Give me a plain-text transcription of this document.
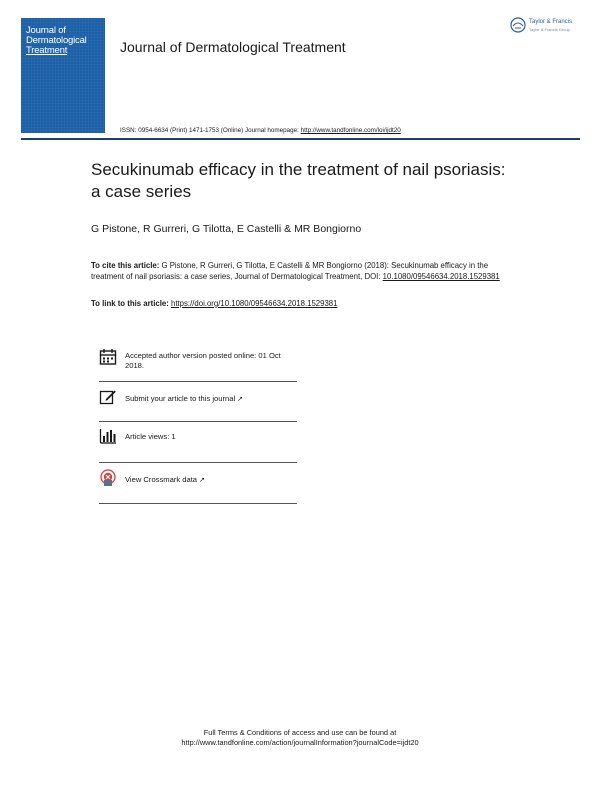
Journal of
Dermatological
Treatment	Journal of Dermatological Treatment
Taylor & Francis
Taylor & Francis Group
ISSN: 0954-6634 (Print) 1471-1753 (Online) Journal homepage: http://www.tandfonline.com/loi/ijdt20
Secukinumab efficacy in the treatment of nail psoriasis: a case series
G Pistone, R Gurreri, G Tilotta, E Castelli & MR Bongiorno
To cite this article: G Pistone, R Gurreri, G Tilotta, E Castelli & MR Bongiorno (2018): Secukinumab efficacy in the treatment of nail psoriasis: a case series, Journal of Dermatological Treatment, DOI: 10.1080/09546634.2018.1529381
To link to this article: https://doi.org/10.1080/09546634.2018.1529381
Accepted author version posted online: 01 Oct 2018.
Submit your article to this journal ↗
Article views: 1
View Crossmark data ↗
Full Terms & Conditions of access and use can be found at
http://www.tandfonline.com/action/journalInformation?journalCode=ijdt20
